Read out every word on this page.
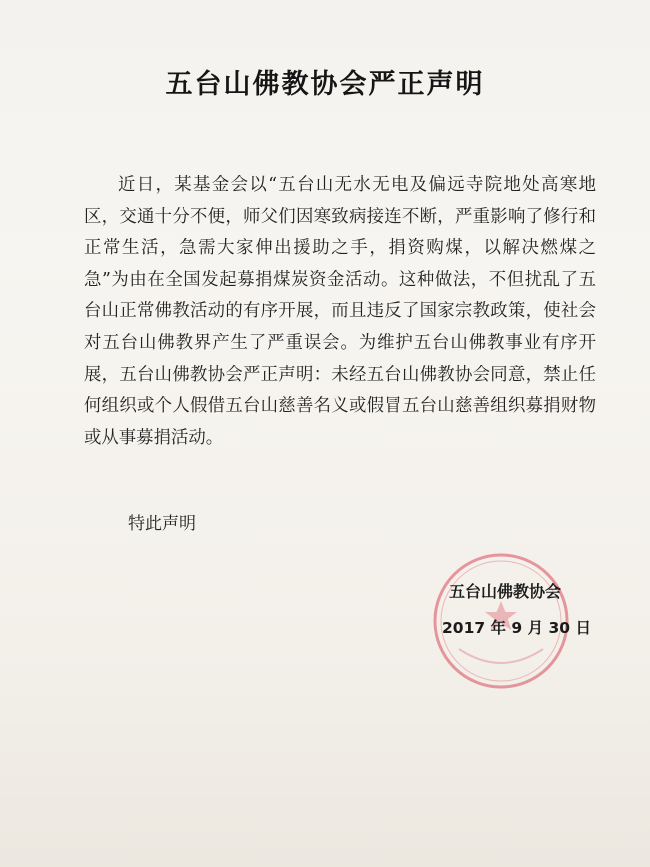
五台山佛教协会严正声明
近日，某基金会以“五台山无水无电及偏远寺院地处高寒地区，交通十分不便，师父们因寒致病接连不断，严重影响了修行和正常生活，急需大家伸出援助之手，捐资购煤，以解决燃煤之急”为由在全国发起募捐煤炭资金活动。这种做法，不但扰乱了五台山正常佛教活动的有序开展，而且违反了国家宗教政策，使社会对五台山佛教界产生了严重误会。为维护五台山佛教事业有序开展，五台山佛教协会严正声明：未经五台山佛教协会同意，禁止任何组织或个人假借五台山慈善名义或假冒五台山慈善组织募捐财物或从事募捐活动。
特此声明
五台山佛教协会
2017 年 9 月 30 日
